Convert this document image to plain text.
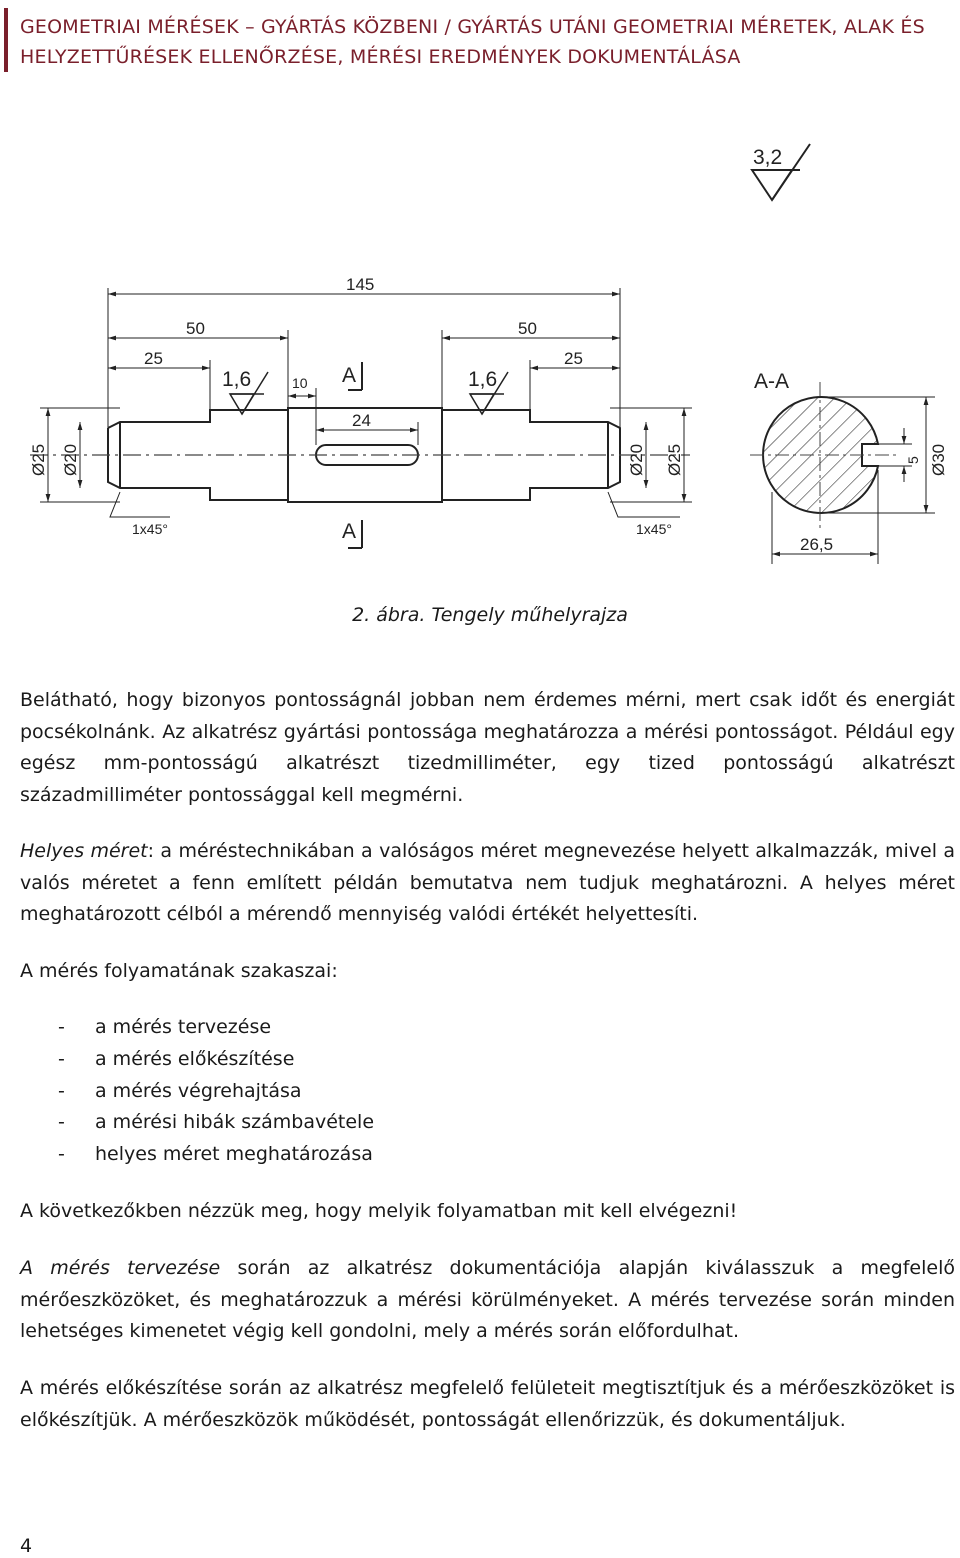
GEOMETRIAI MÉRÉSEK – GYÁRTÁS KÖZBENI / GYÁRTÁS UTÁNI GEOMETRIAI MÉRETEK, ALAK ÉS HELYZETTŰRÉSEK ELLENŐRZÉSE, MÉRÉSI EREDMÉNYEK DOKUMENTÁLÁSA
3,2
145
50	50
25	25
10
24
1,6	1,6
A
A
Ø25 Ø20	Ø20 Ø25
1x45°	1x45°
A-A
5 Ø30
26,5
2. ábra. Tengely műhelyrajza
Belátható, hogy bizonyos pontosságnál jobban nem érdemes mérni, mert csak időt és energiát pocsékolnánk. Az alkatrész gyártási pontossága meghatározza a mérési pontosságot. Például egy egész mm-pontosságú alkatrészt tizedmilliméter, egy tized pontosságú alkatrészt századmilliméter pontossággal kell megmérni.
Helyes méret: a méréstechnikában a valóságos méret megnevezése helyett alkalmazzák, mivel a valós méretet a fenn említett példán bemutatva nem tudjuk meghatározni. A helyes méret meghatározott célból a mérendő mennyiség valódi értékét helyettesíti.
A mérés folyamatának szakaszai:
- a mérés tervezése
- a mérés előkészítése
- a mérés végrehajtása
- a mérési hibák számbavétele
- helyes méret meghatározása
A következőkben nézzük meg, hogy melyik folyamatban mit kell elvégezni!
A mérés tervezése során az alkatrész dokumentációja alapján kiválasszuk a megfelelő mérőeszközöket, és meghatározzuk a mérési körülményeket. A mérés tervezése során minden lehetséges kimenetet végig kell gondolni, mely a mérés során előfordulhat.
A mérés előkészítése során az alkatrész megfelelő felületeit megtisztítjuk és a mérőeszközöket is előkészítjük. A mérőeszközök működését, pontosságát ellenőrizzük, és dokumentáljuk.
4
